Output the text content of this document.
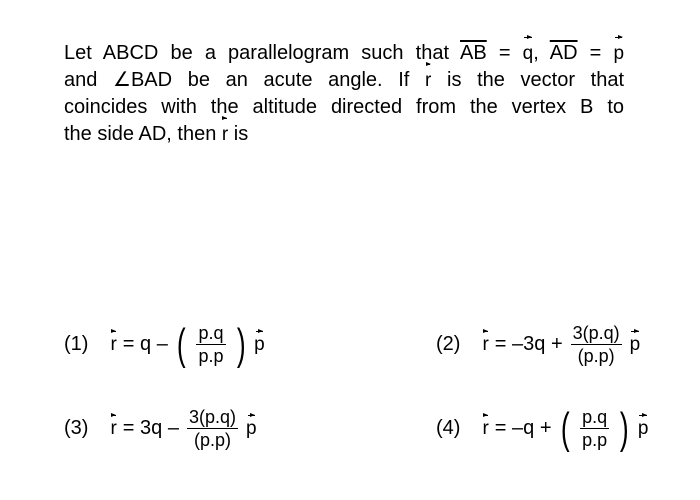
Let ABCD be a parallelogram such that $\overline{AB} = q$, $\overline{AD} = p$
and ∠BAD be an acute angle. If r is the vector that
coincides with the altitude directed from the vertex B to
the side AD, then r is
(1) r = q – ( $\frac{p.q}{p.p}$ ) p	(2) $r = -3q + \frac{3(p.q)}{(p.p)}$ p
(3) $r = 3q - \frac{3(p.q)}{(p.p)}$ p	(4) r = –q + ( $\frac{p.q}{p.p}$ ) p
